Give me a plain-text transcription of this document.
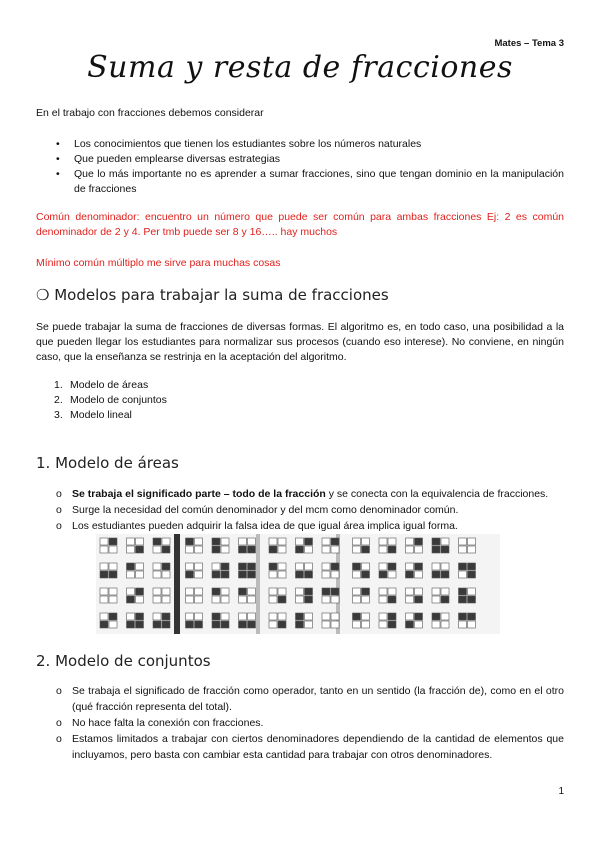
Mates – Tema 3
Suma y resta de fracciones
En el trabajo con fracciones debemos considerar
• Los conocimientos que tienen los estudiantes sobre los números naturales
• Que pueden emplearse diversas estrategias
• Que lo más importante no es aprender a sumar fracciones, sino que tengan dominio en la manipulación de fracciones
Común denominador: encuentro un número que puede ser común para ambas fracciones Ej: 2 es común denominador de 2 y 4. Per tmb puede ser 8 y 16….. hay muchos
Mínimo común múltiplo me sirve para muchas cosas
❍ Modelos para trabajar la suma de fracciones
Se puede trabajar la suma de fracciones de diversas formas. El algoritmo es, en todo caso, una posibilidad a la que pueden llegar los estudiantes para normalizar sus procesos (cuando eso interese). No conviene, en ningún caso, que la enseñanza se restrinja en la aceptación del algoritmo.
1. Modelo de áreas
2. Modelo de conjuntos
3. Modelo lineal
1. Modelo de áreas
o Se trabaja el significado parte – todo de la fracción y se conecta con la equivalencia de fracciones.
o Surge la necesidad del común denominador y del mcm como denominador común.
o Los estudiantes pueden adquirir la falsa idea de que igual área implica igual forma.
2. Modelo de conjuntos
o Se trabaja el significado de fracción como operador, tanto en un sentido (la fracción de), como en el otro (qué fracción representa del total).
o No hace falta la conexión con fracciones.
o Estamos limitados a trabajar con ciertos denominadores dependiendo de la cantidad de elementos que incluyamos, pero basta con cambiar esta cantidad para trabajar con otros denominadores.
1
